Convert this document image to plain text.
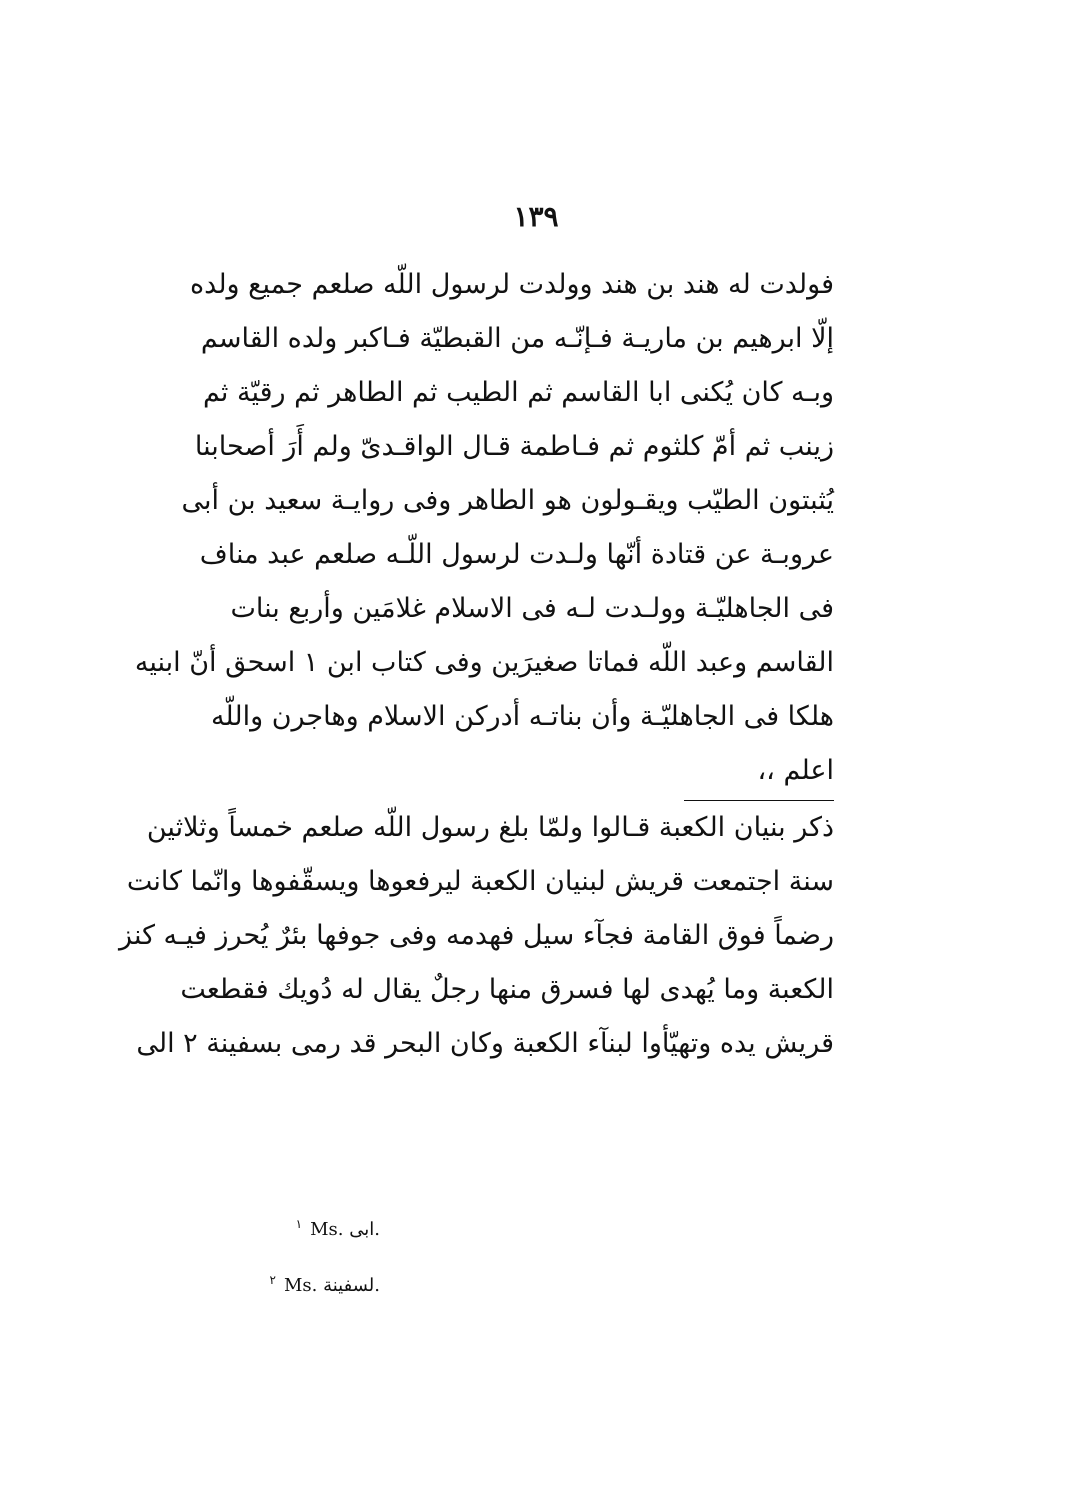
١٣٩
فولدت له هند بن هند وولدت لرسول اللّه صلعم جميع ولده
إلّا ابرهيم بن ماريـة فـإنّـه من القبطيّة فـاكبر ولده القاسم
وبـه كان يُكنى ابا القاسم ثم الطيب ثم الطاهر ثم رقيّة ثم
زينب ثم أمّ كلثوم ثم فـاطمة قـال الواقـدىّ ولم أَرَ أصحابنا
يُثبتون الطيّب ويقـولون هو الطاهر وفى روايـة سعيد بن أبى
عروبـة عن قتادة أنّها ولـدت لرسول اللّـه صلعم عبد مناف
فى الجاهليّـة وولـدت لـه فى الاسلام غلامَين وأربع بنات
القاسم وعبد اللّه فماتا صغيرَين وفى كتاب ابن ١ اسحق أنّ ابنيه
هلكا فى الجاهليّـة وأن بناتـه أدركن الاسلام وهاجرن واللّه
اعلم ،،
ذكر بنيان الكعبة قـالوا ولمّا بلغ رسول اللّه صلعم خمساً وثلاثين
سنة اجتمعت قريش لبنيان الكعبة ليرفعوها ويسقّفوها وانّما كانت
رضماً فوق القامة فجآء سيل فهدمه وفى جوفها بئرٌ يُحرز فيـه كنز
الكعبة وما يُهدى لها فسرق منها رجلٌ يقال له دُويك فقطعت
قريش يده وتهيّأوا لبنآء الكعبة وكان البحر قد رمى بسفينة ٢ الى
$^١$ Ms. ابى.
$^٢$ Ms. لسفينة.
